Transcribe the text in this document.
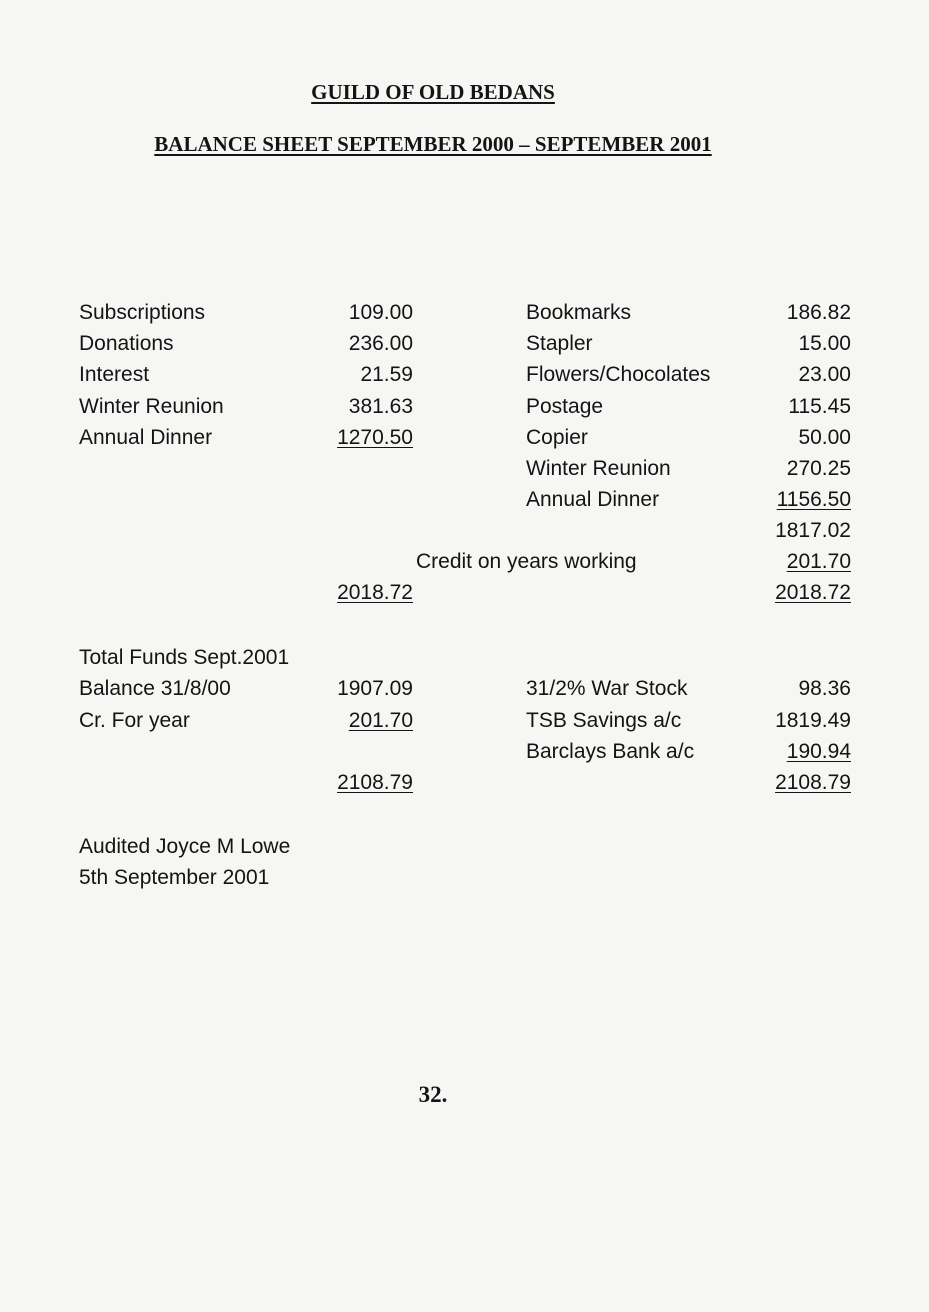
GUILD OF OLD BEDANS
BALANCE SHEET SEPTEMBER 2000 – SEPTEMBER 2001
Subscriptions	109.00
Donations	236.00
Interest	21.59
Winter Reunion	381.63
Annual Dinner	1270.50
Bookmarks	186.82
Stapler	15.00
Flowers/Chocolates	23.00
Postage	115.45
Copier	50.00
Winter Reunion	270.25
Annual Dinner	1156.50
1817.02
Credit on years working	201.70
2018.72	2018.72
Total Funds Sept.2001
Balance 31/8/00	1907.09
Cr. For year	201.70
31/2% War Stock	98.36
TSB Savings a/c	1819.49
Barclays Bank a/c	190.94
2108.79	2108.79
Audited Joyce M Lowe
5th September 2001
32.
